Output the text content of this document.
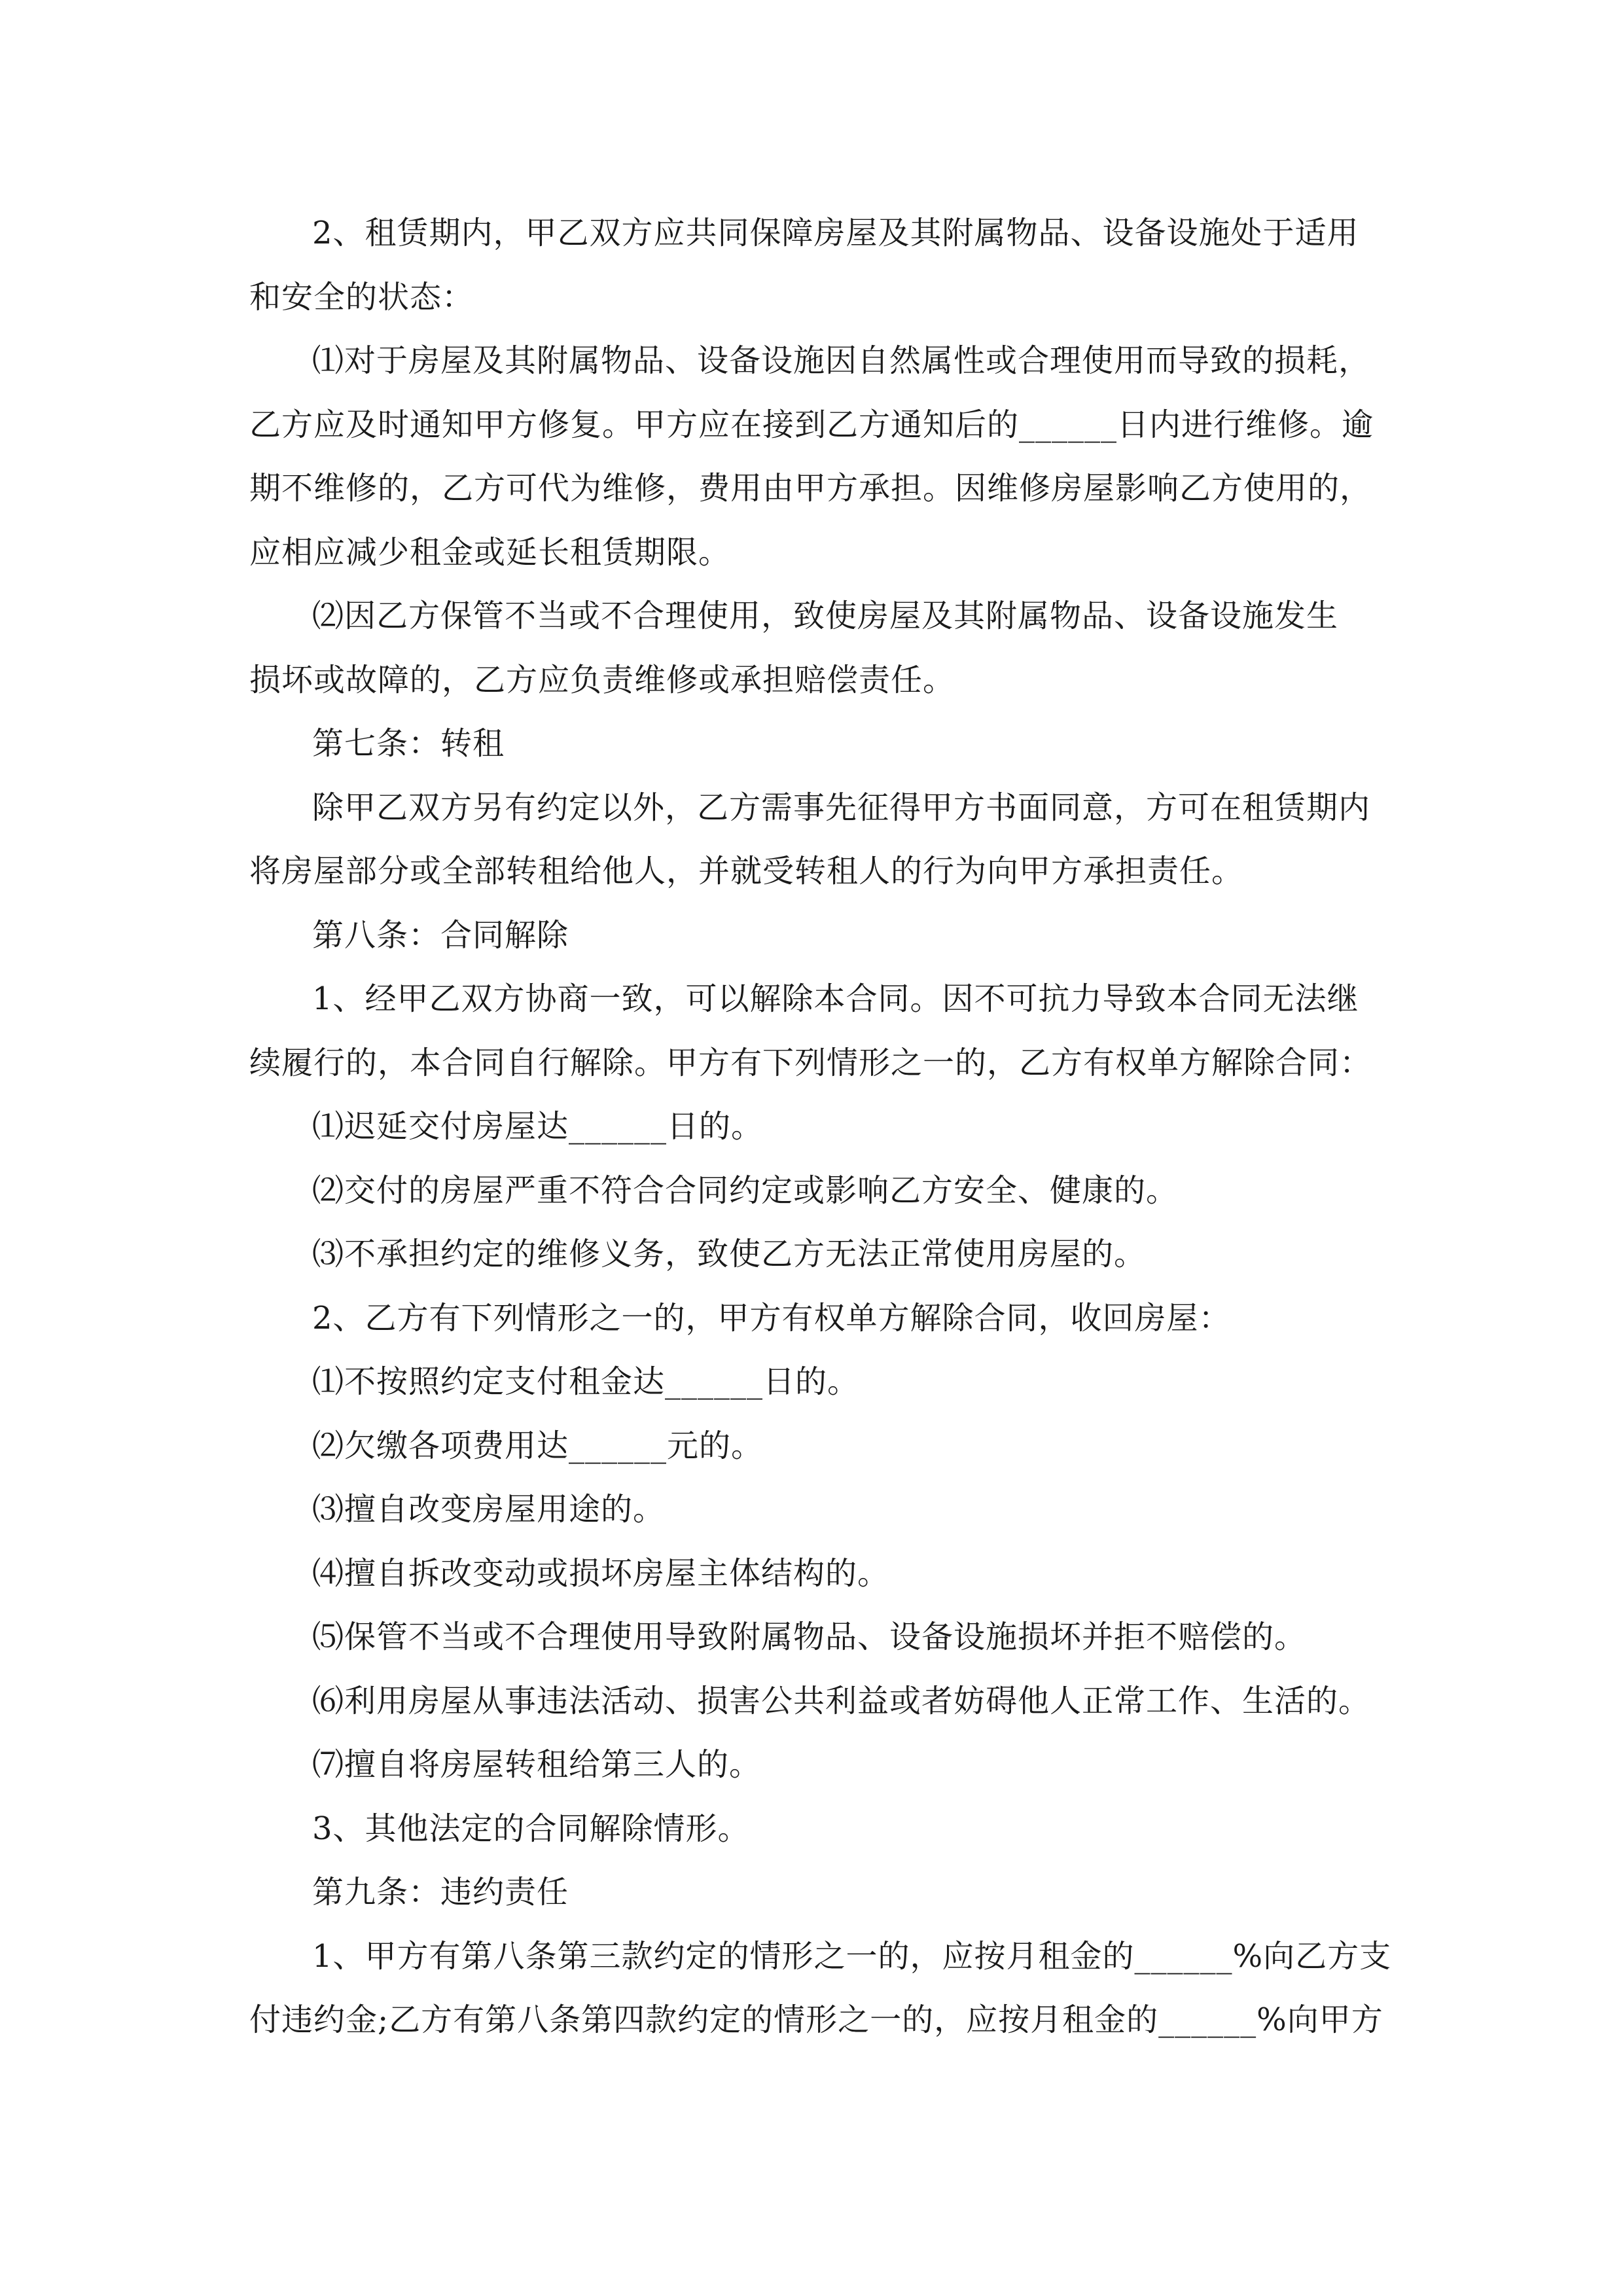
2、租赁期内，甲乙双方应共同保障房屋及其附属物品、设备设施处于适用
和安全的状态：
⑴对于房屋及其附属物品、设备设施因自然属性或合理使用而导致的损耗，
乙方应及时通知甲方修复。甲方应在接到乙方通知后的______日内进行维修。逾
期不维修的，乙方可代为维修，费用由甲方承担。因维修房屋影响乙方使用的，
应相应减少租金或延长租赁期限。
⑵因乙方保管不当或不合理使用，致使房屋及其附属物品、设备设施发生
损坏或故障的，乙方应负责维修或承担赔偿责任。
第七条：转租
除甲乙双方另有约定以外，乙方需事先征得甲方书面同意，方可在租赁期内
将房屋部分或全部转租给他人，并就受转租人的行为向甲方承担责任。
第八条：合同解除
1、经甲乙双方协商一致，可以解除本合同。因不可抗力导致本合同无法继
续履行的，本合同自行解除。甲方有下列情形之一的，乙方有权单方解除合同：
⑴迟延交付房屋达______日的。
⑵交付的房屋严重不符合合同约定或影响乙方安全、健康的。
⑶不承担约定的维修义务，致使乙方无法正常使用房屋的。
2、乙方有下列情形之一的，甲方有权单方解除合同，收回房屋：
⑴不按照约定支付租金达______日的。
⑵欠缴各项费用达______元的。
⑶擅自改变房屋用途的。
⑷擅自拆改变动或损坏房屋主体结构的。
⑸保管不当或不合理使用导致附属物品、设备设施损坏并拒不赔偿的。
⑹利用房屋从事违法活动、损害公共利益或者妨碍他人正常工作、生活的。
⑺擅自将房屋转租给第三人的。
3、其他法定的合同解除情形。
第九条：违约责任
1、甲方有第八条第三款约定的情形之一的，应按月租金的______%向乙方支
付违约金;乙方有第八条第四款约定的情形之一的，应按月租金的______%向甲方
